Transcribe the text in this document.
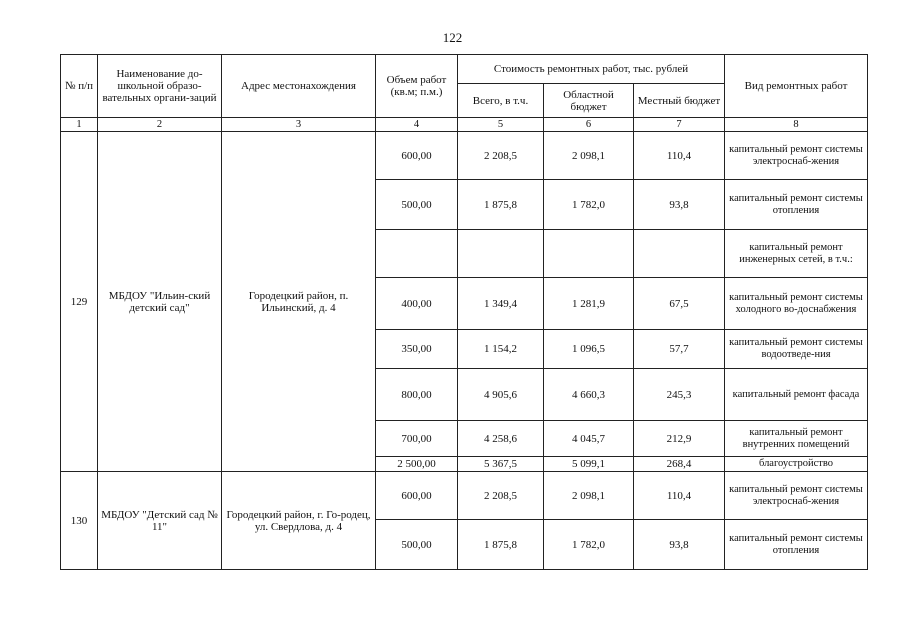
122
№ п/п	Наименование до-школьной образо-вательных органи-заций	Адрес местонахождения	Объем работ (кв.м; п.м.)	Стоимость ремонтных работ, тыс. рублей			Вид ремонтных работ
				Всего, в т.ч.	Областной бюджет	Местный бюджет	
1	2	3	4	5	6	7	8
129	МБДОУ "Ильин-ский детский сад"	Городецкий район, п. Ильинский, д. 4	600,00	2 208,5	2 098,1	110,4	капитальный ремонт системы электроснаб-жения
			500,00	1 875,8	1 782,0	93,8	капитальный ремонт системы отопления
							капитальный ремонт инженерных сетей, в т.ч.:
			400,00	1 349,4	1 281,9	67,5	капитальный ремонт системы холодного во-доснабжения
			350,00	1 154,2	1 096,5	57,7	капитальный ремонт системы водоотведе-ния
			800,00	4 905,6	4 660,3	245,3	капитальный ремонт фасада
			700,00	4 258,6	4 045,7	212,9	капитальный ремонт внутренних помещений
			2 500,00	5 367,5	5 099,1	268,4	благоустройство
130	МБДОУ "Детский сад № 11"	Городецкий район, г. Го-родец, ул. Свердлова, д. 4	600,00	2 208,5	2 098,1	110,4	капитальный ремонт системы электроснаб-жения
			500,00	1 875,8	1 782,0	93,8	капитальный ремонт системы отопления
